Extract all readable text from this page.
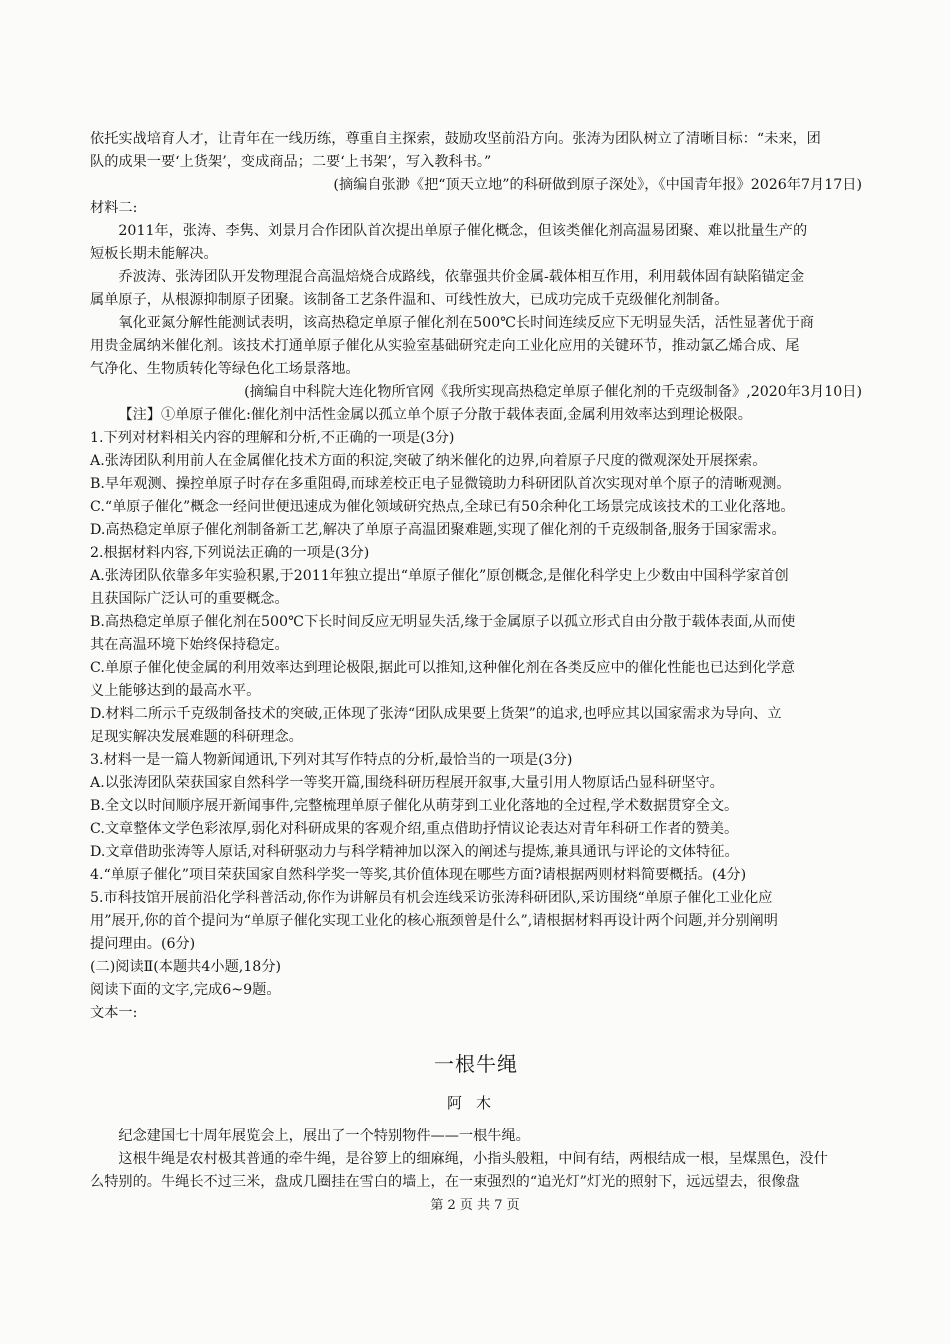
依托实战培育人才，让青年在一线历练，尊重自主探索，鼓励攻坚前沿方向。张涛为团队树立了清晰目标：“未来，团
队的成果一要‘上货架’，变成商品；二要‘上书架’，写入教科书。”
(摘编自张渺《把“顶天立地”的科研做到原子深处》，《中国青年报》2026年7月17日)
材料二:
2011年，张涛、李隽、刘景月合作团队首次提出单原子催化概念，但该类催化剂高温易团聚、难以批量生产的
短板长期未能解决。
乔波涛、张涛团队开发物理混合高温焙烧合成路线，依靠强共价金属-载体相互作用，利用载体固有缺陷锚定金
属单原子，从根源抑制原子团聚。该制备工艺条件温和、可线性放大，已成功完成千克级催化剂制备。
氧化亚氮分解性能测试表明，该高热稳定单原子催化剂在500℃长时间连续反应下无明显失活，活性显著优于商
用贵金属纳米催化剂。该技术打通单原子催化从实验室基础研究走向工业化应用的关键环节，推动氯乙烯合成、尾
气净化、生物质转化等绿色化工场景落地。
(摘编自中科院大连化物所官网《我所实现高热稳定单原子催化剂的千克级制备》,2020年3月10日)
【注】①单原子催化:催化剂中活性金属以孤立单个原子分散于载体表面,金属利用效率达到理论极限。
1.下列对材料相关内容的理解和分析,不正确的一项是(3分)
A.张涛团队利用前人在金属催化技术方面的积淀,突破了纳米催化的边界,向着原子尺度的微观深处开展探索。
B.早年观测、操控单原子时存在多重阻碍,而球差校正电子显微镜助力科研团队首次实现对单个原子的清晰观测。
C.“单原子催化”概念一经问世便迅速成为催化领域研究热点,全球已有50余种化工场景完成该技术的工业化落地。
D.高热稳定单原子催化剂制备新工艺,解决了单原子高温团聚难题,实现了催化剂的千克级制备,服务于国家需求。
2.根据材料内容,下列说法正确的一项是(3分)
A.张涛团队依靠多年实验积累,于2011年独立提出“单原子催化”原创概念,是催化科学史上少数由中国科学家首创
且获国际广泛认可的重要概念。
B.高热稳定单原子催化剂在500℃下长时间反应无明显失活,缘于金属原子以孤立形式自由分散于载体表面,从而使
其在高温环境下始终保持稳定。
C.单原子催化使金属的利用效率达到理论极限,据此可以推知,这种催化剂在各类反应中的催化性能也已达到化学意
义上能够达到的最高水平。
D.材料二所示千克级制备技术的突破,正体现了张涛“团队成果要上货架”的追求,也呼应其以国家需求为导向、立
足现实解决发展难题的科研理念。
3.材料一是一篇人物新闻通讯,下列对其写作特点的分析,最恰当的一项是(3分)
A.以张涛团队荣获国家自然科学一等奖开篇,围绕科研历程展开叙事,大量引用人物原话凸显科研坚守。
B.全文以时间顺序展开新闻事件,完整梳理单原子催化从萌芽到工业化落地的全过程,学术数据贯穿全文。
C.文章整体文学色彩浓厚,弱化对科研成果的客观介绍,重点借助抒情议论表达对青年科研工作者的赞美。
D.文章借助张涛等人原话,对科研驱动力与科学精神加以深入的阐述与提炼,兼具通讯与评论的文体特征。
4.“单原子催化”项目荣获国家自然科学奖一等奖,其价值体现在哪些方面?请根据两则材料简要概括。(4分)
5.市科技馆开展前沿化学科普活动,你作为讲解员有机会连线采访张涛科研团队,采访围绕“单原子催化工业化应
用”展开,你的首个提问为“单原子催化实现工业化的核心瓶颈曾是什么”,请根据材料再设计两个问题,并分别阐明
提问理由。(6分)
(二)阅读Ⅱ(本题共4小题,18分)
阅读下面的文字,完成6~9题。
文本一:
一根牛绳
阿木
纪念建国七十周年展览会上，展出了一个特别物件——一根牛绳。
这根牛绳是农村极其普通的牵牛绳，是谷箩上的细麻绳，小指头般粗，中间有结，两根结成一根，呈煤黑色，没什
么特别的。牛绳长不过三米，盘成几圈挂在雪白的墙上，在一束强烈的“追光灯”灯光的照射下，远远望去，很像盘
第 2 页 共 7 页
